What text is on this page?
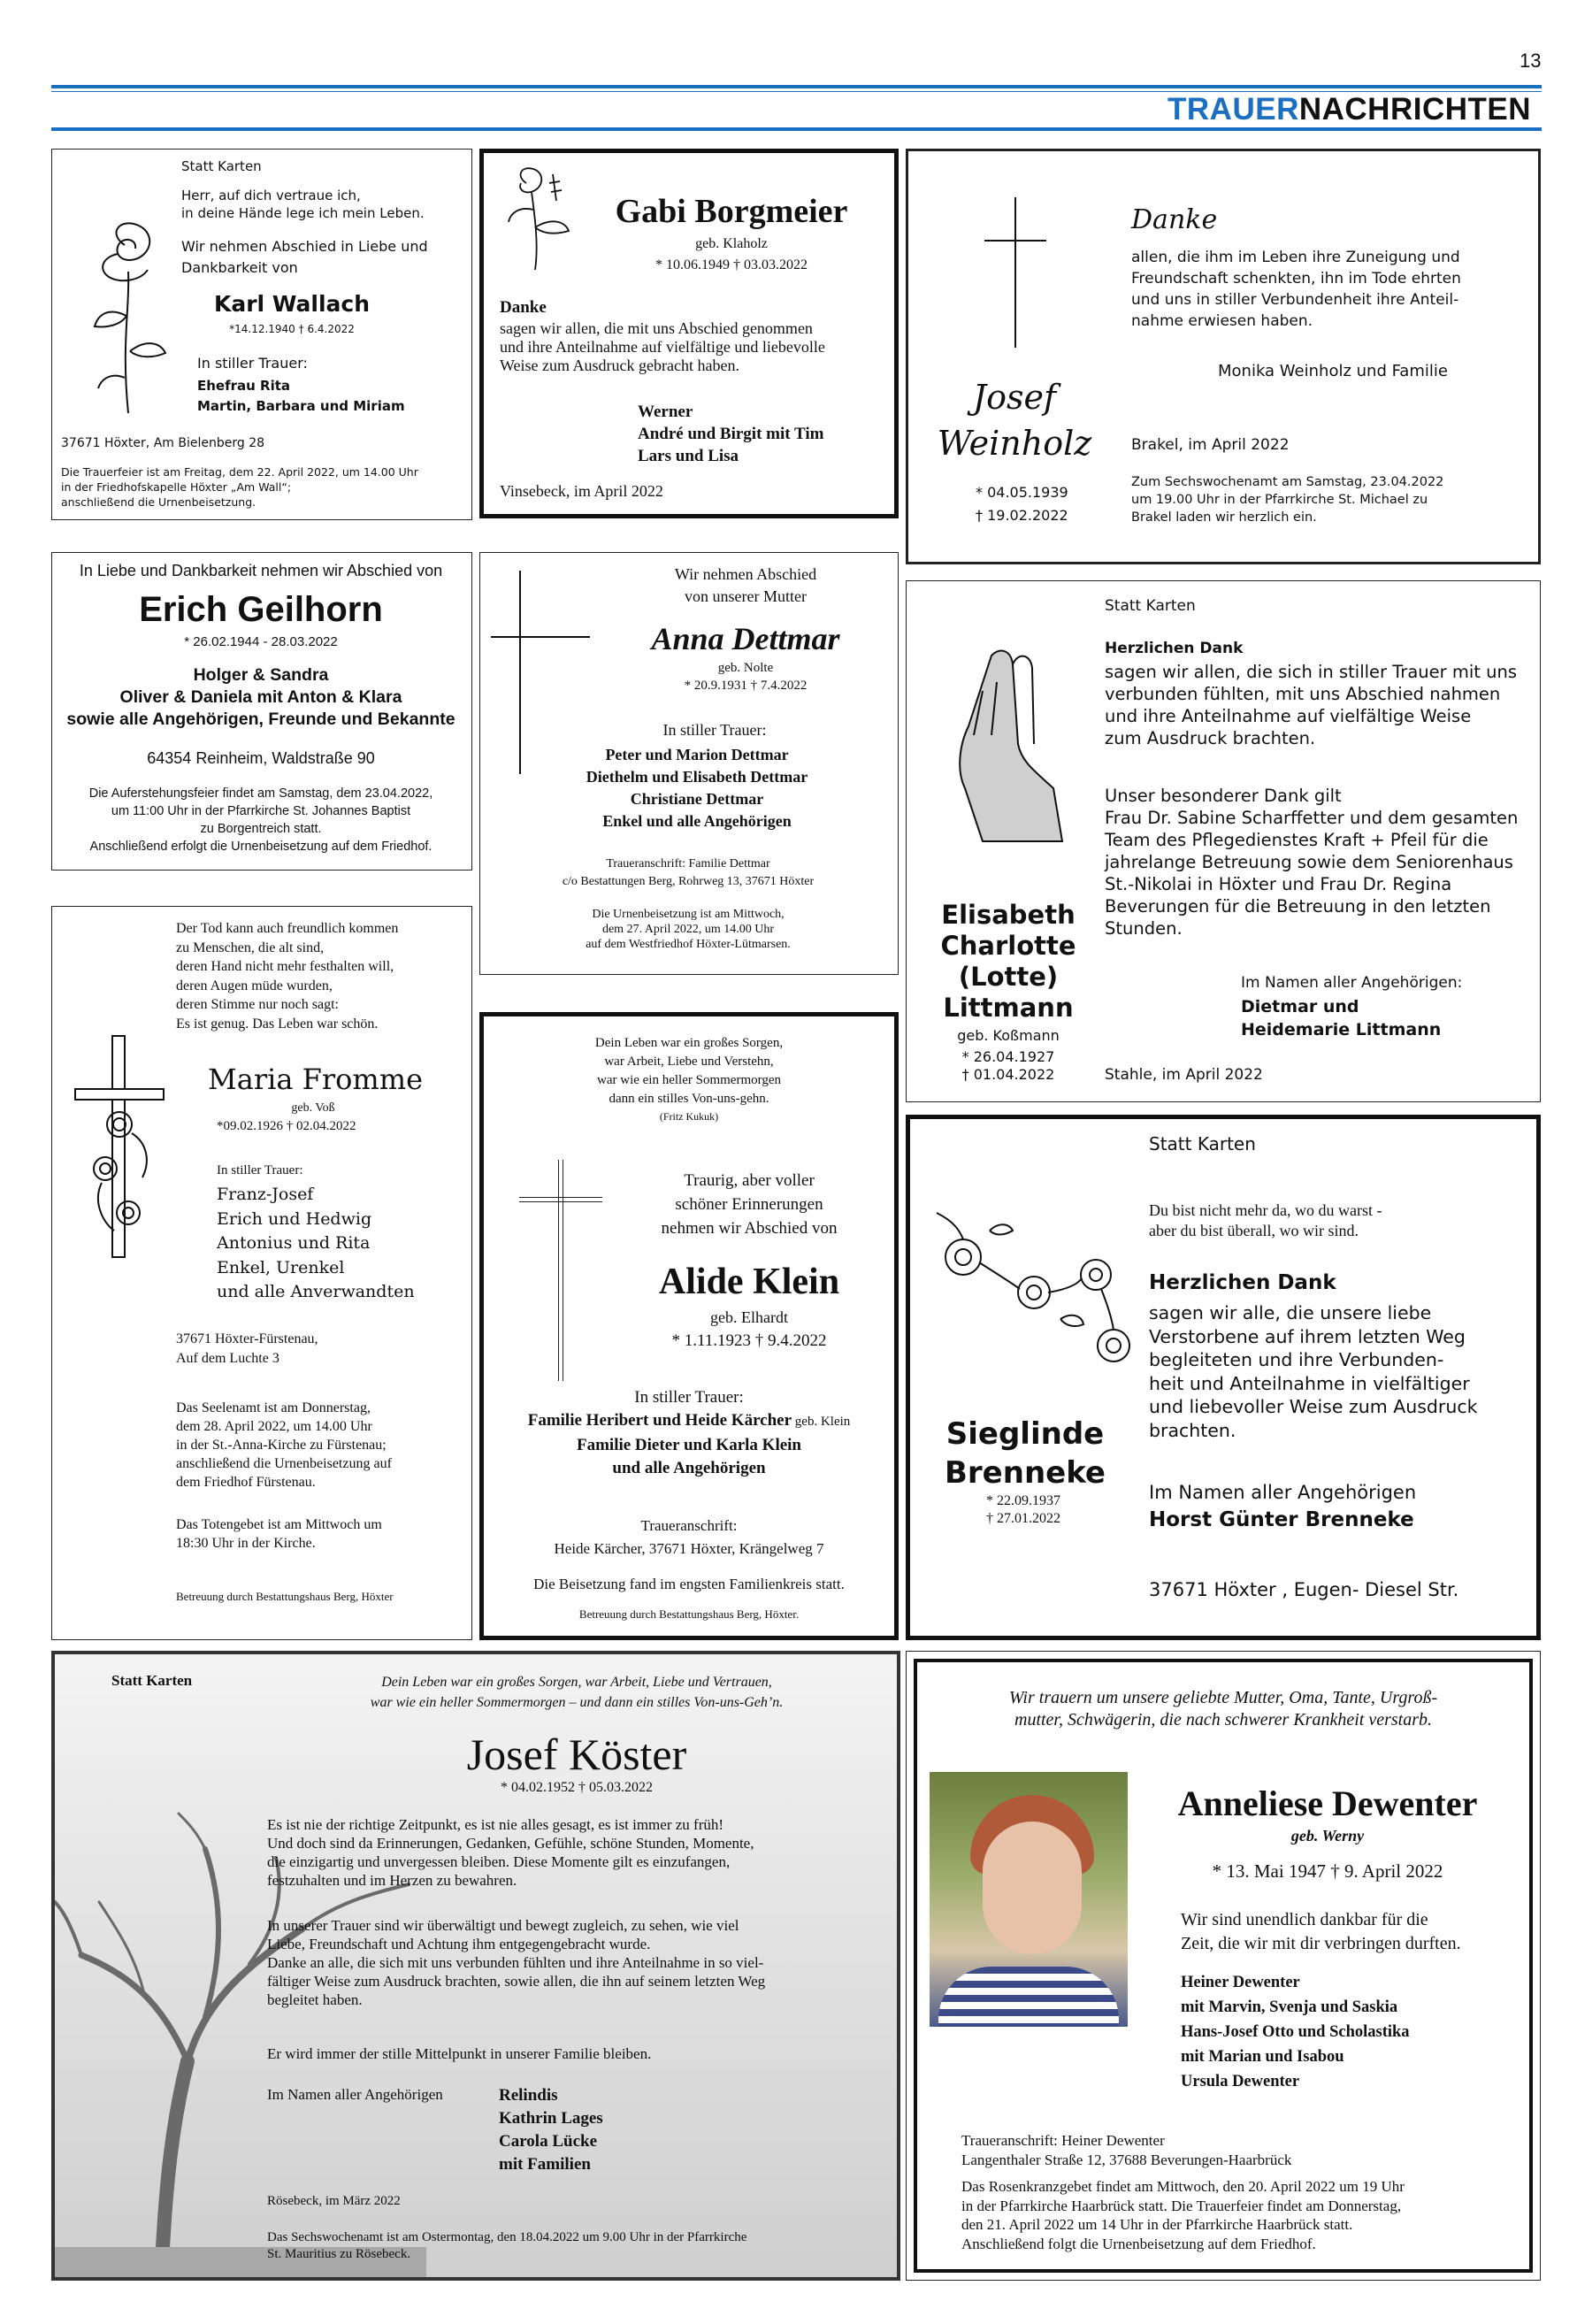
13
TRAUERNACHRICHTEN
Statt Karten
Herr, auf dich vertraue ich,
in deine Hände lege ich mein Leben.
Wir nehmen Abschied in Liebe und
Dankbarkeit von
Karl Wallach
*14.12.1940 † 6.4.2022
In stiller Trauer:
Ehefrau Rita
Martin, Barbara und Miriam
37671 Höxter, Am Bielenberg 28
Die Trauerfeier ist am Freitag, dem 22. April 2022, um 14.00 Uhr
in der Friedhofskapelle Höxter „Am Wall“;
anschließend die Urnenbeisetzung.
Gabi Borgmeier
geb. Klaholz
* 10.06.1949 † 03.03.2022
Danke
sagen wir allen, die mit uns Abschied genommen
und ihre Anteilnahme auf vielfältige und liebevolle
Weise zum Ausdruck gebracht haben.
Werner
André und Birgit mit Tim
Lars und Lisa
Vinsebeck, im April 2022
Josef
Weinholz
* 04.05.1939
† 19.02.2022
Danke
allen, die ihm im Leben ihre Zuneigung und
Freundschaft schenkten, ihn im Tode ehrten
und uns in stiller Verbundenheit ihre Anteil-
nahme erwiesen haben.
Monika Weinholz und Familie
Brakel, im April 2022
Zum Sechswochenamt am Samstag, 23.04.2022
um 19.00 Uhr in der Pfarrkirche St. Michael zu
Brakel laden wir herzlich ein.
In Liebe und Dankbarkeit nehmen wir Abschied von
Erich Geilhorn
* 26.02.1944 - 28.03.2022
Holger & Sandra
Oliver & Daniela mit Anton & Klara
sowie alle Angehörigen, Freunde und Bekannte
64354 Reinheim, Waldstraße 90
Die Auferstehungsfeier findet am Samstag, dem 23.04.2022,
um 11:00 Uhr in der Pfarrkirche St. Johannes Baptist
zu Borgentreich statt.
Anschließend erfolgt die Urnenbeisetzung auf dem Friedhof.
Wir nehmen Abschied
von unserer Mutter
Anna Dettmar
geb. Nolte
* 20.9.1931 † 7.4.2022
In stiller Trauer:
Peter und Marion Dettmar
Diethelm und Elisabeth Dettmar
Christiane Dettmar
Enkel und alle Angehörigen
Traueranschrift: Familie Dettmar
c/o Bestattungen Berg, Rohrweg 13, 37671 Höxter
Die Urnenbeisetzung ist am Mittwoch,
dem 27. April 2022, um 14.00 Uhr
auf dem Westfriedhof Höxter-Lütmarsen.
Elisabeth
Charlotte
(Lotte)
Littmann
geb. Koßmann
* 26.04.1927
† 01.04.2022
Statt Karten
Herzlichen Dank
sagen wir allen, die sich in stiller Trauer mit uns
verbunden fühlten, mit uns Abschied nahmen
und ihre Anteilnahme auf vielfältige Weise
zum Ausdruck brachten.
Unser besonderer Dank gilt
Frau Dr. Sabine Scharffetter und dem gesamten
Team des Pflegedienstes Kraft + Pfeil für die
jahrelange Betreuung sowie dem Seniorenhaus
St.-Nikolai in Höxter und Frau Dr. Regina
Beverungen für die Betreuung in den letzten
Stunden.
Im Namen aller Angehörigen:
Dietmar und
Heidemarie Littmann
Stahle, im April 2022
Der Tod kann auch freundlich kommen
zu Menschen, die alt sind,
deren Hand nicht mehr festhalten will,
deren Augen müde wurden,
deren Stimme nur noch sagt:
Es ist genug. Das Leben war schön.
Maria Fromme
geb. Voß
*09.02.1926 † 02.04.2022
In stiller Trauer:
Franz-Josef
Erich und Hedwig
Antonius und Rita
Enkel, Urenkel
und alle Anverwandten
37671 Höxter-Fürstenau,
Auf dem Luchte 3
Das Seelenamt ist am Donnerstag,
dem 28. April 2022, um 14.00 Uhr
in der St.-Anna-Kirche zu Fürstenau;
anschließend die Urnenbeisetzung auf
dem Friedhof Fürstenau.
Das Totengebet ist am Mittwoch um
18:30 Uhr in der Kirche.
Betreuung durch Bestattungshaus Berg, Höxter
Dein Leben war ein großes Sorgen,
war Arbeit, Liebe und Verstehn,
war wie ein heller Sommermorgen
dann ein stilles Von-uns-gehn.
(Fritz Kukuk)
Traurig, aber voller
schöner Erinnerungen
nehmen wir Abschied von
Alide Klein
geb. Elhardt
* 1.11.1923 † 9.4.2022
In stiller Trauer:
Familie Heribert und Heide Kärcher geb. Klein
Familie Dieter und Karla Klein
und alle Angehörigen
Traueranschrift:
Heide Kärcher, 37671 Höxter, Krängelweg 7
Die Beisetzung fand im engsten Familienkreis statt.
Betreuung durch Bestattungshaus Berg, Höxter.
Sieglinde
Brenneke
* 22.09.1937
† 27.01.2022
Statt Karten
Du bist nicht mehr da, wo du warst -
aber du bist überall, wo wir sind.
Herzlichen Dank
sagen wir alle, die unsere liebe
Verstorbene auf ihrem letzten Weg
begleiteten und ihre Verbunden-
heit und Anteilnahme in vielfältiger
und liebevoller Weise zum Ausdruck
brachten.
Im Namen aller Angehörigen
Horst Günter Brenneke
37671 Höxter , Eugen- Diesel Str.
Statt Karten	Dein Leben war ein großes Sorgen, war Arbeit, Liebe und Vertrauen,
war wie ein heller Sommermorgen – und dann ein stilles Von-uns-Geh’n.
Josef Köster
* 04.02.1952 † 05.03.2022
Es ist nie der richtige Zeitpunkt, es ist nie alles gesagt, es ist immer zu früh!
Und doch sind da Erinnerungen, Gedanken, Gefühle, schöne Stunden, Momente,
die einzigartig und unvergessen bleiben. Diese Momente gilt es einzufangen,
festzuhalten und im Herzen zu bewahren.
In unserer Trauer sind wir überwältigt und bewegt zugleich, zu sehen, wie viel
Liebe, Freundschaft und Achtung ihm entgegengebracht wurde.
Danke an alle, die sich mit uns verbunden fühlten und ihre Anteilnahme in so viel-
fältiger Weise zum Ausdruck brachten, sowie allen, die ihn auf seinem letzten Weg
begleitet haben.
Er wird immer der stille Mittelpunkt in unserer Familie bleiben.
Im Namen aller Angehörigen	Relindis
Kathrin Lages
Carola Lücke
mit Familien
Rösebeck, im März 2022
Das Sechswochenamt ist am Ostermontag, den 18.04.2022 um 9.00 Uhr in der Pfarrkirche
St. Mauritius zu Rösebeck.
Wir trauern um unsere geliebte Mutter, Oma, Tante, Urgroß-
mutter, Schwägerin, die nach schwerer Krankheit verstarb.
Anneliese Dewenter
geb. Werny
* 13. Mai 1947 † 9. April 2022
Wir sind unendlich dankbar für die
Zeit, die wir mit dir verbringen durften.
Heiner Dewenter
mit Marvin, Svenja und Saskia
Hans-Josef Otto und Scholastika
mit Marian und Isabou
Ursula Dewenter
Traueranschrift: Heiner Dewenter
Langenthaler Straße 12, 37688 Beverungen-Haarbrück
Das Rosenkranzgebet findet am Mittwoch, den 20. April 2022 um 19 Uhr
in der Pfarrkirche Haarbrück statt. Die Trauerfeier findet am Donnerstag,
den 21. April 2022 um 14 Uhr in der Pfarrkirche Haarbrück statt.
Anschließend folgt die Urnenbeisetzung auf dem Friedhof.
